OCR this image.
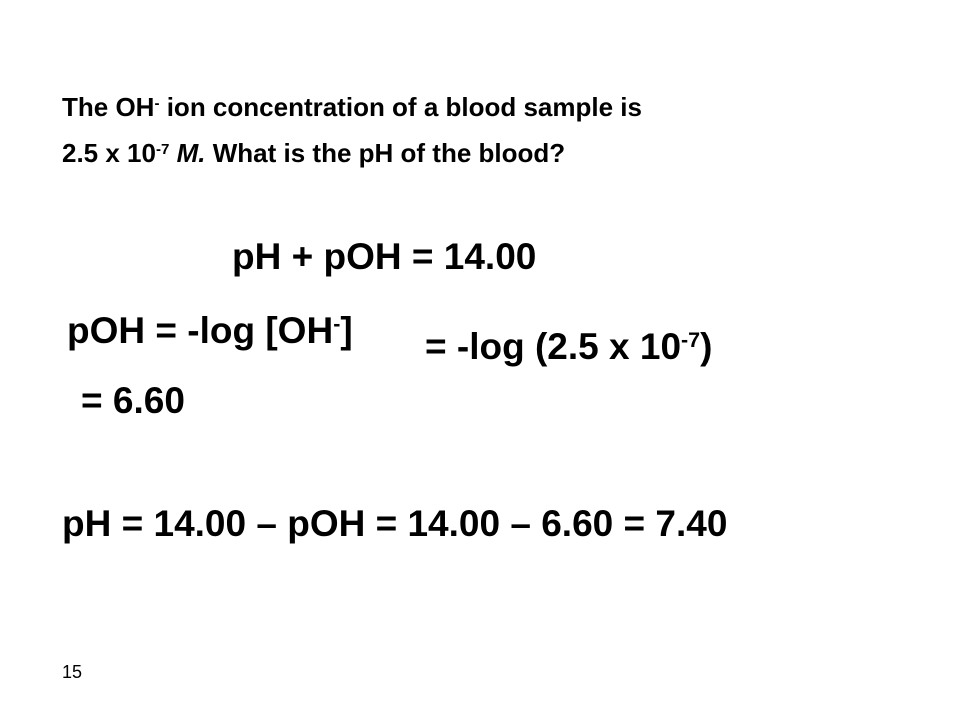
The OH- ion concentration of a blood sample is
2.5 x $10^{-7}$ M. What is the pH of the blood?
pH + pOH = 14.00
pOH = -log [OH-] = -log (2.5 x $10^{-7}$)
= 6.60
pH = 14.00 – pOH = 14.00 – 6.60 = 7.40
15
